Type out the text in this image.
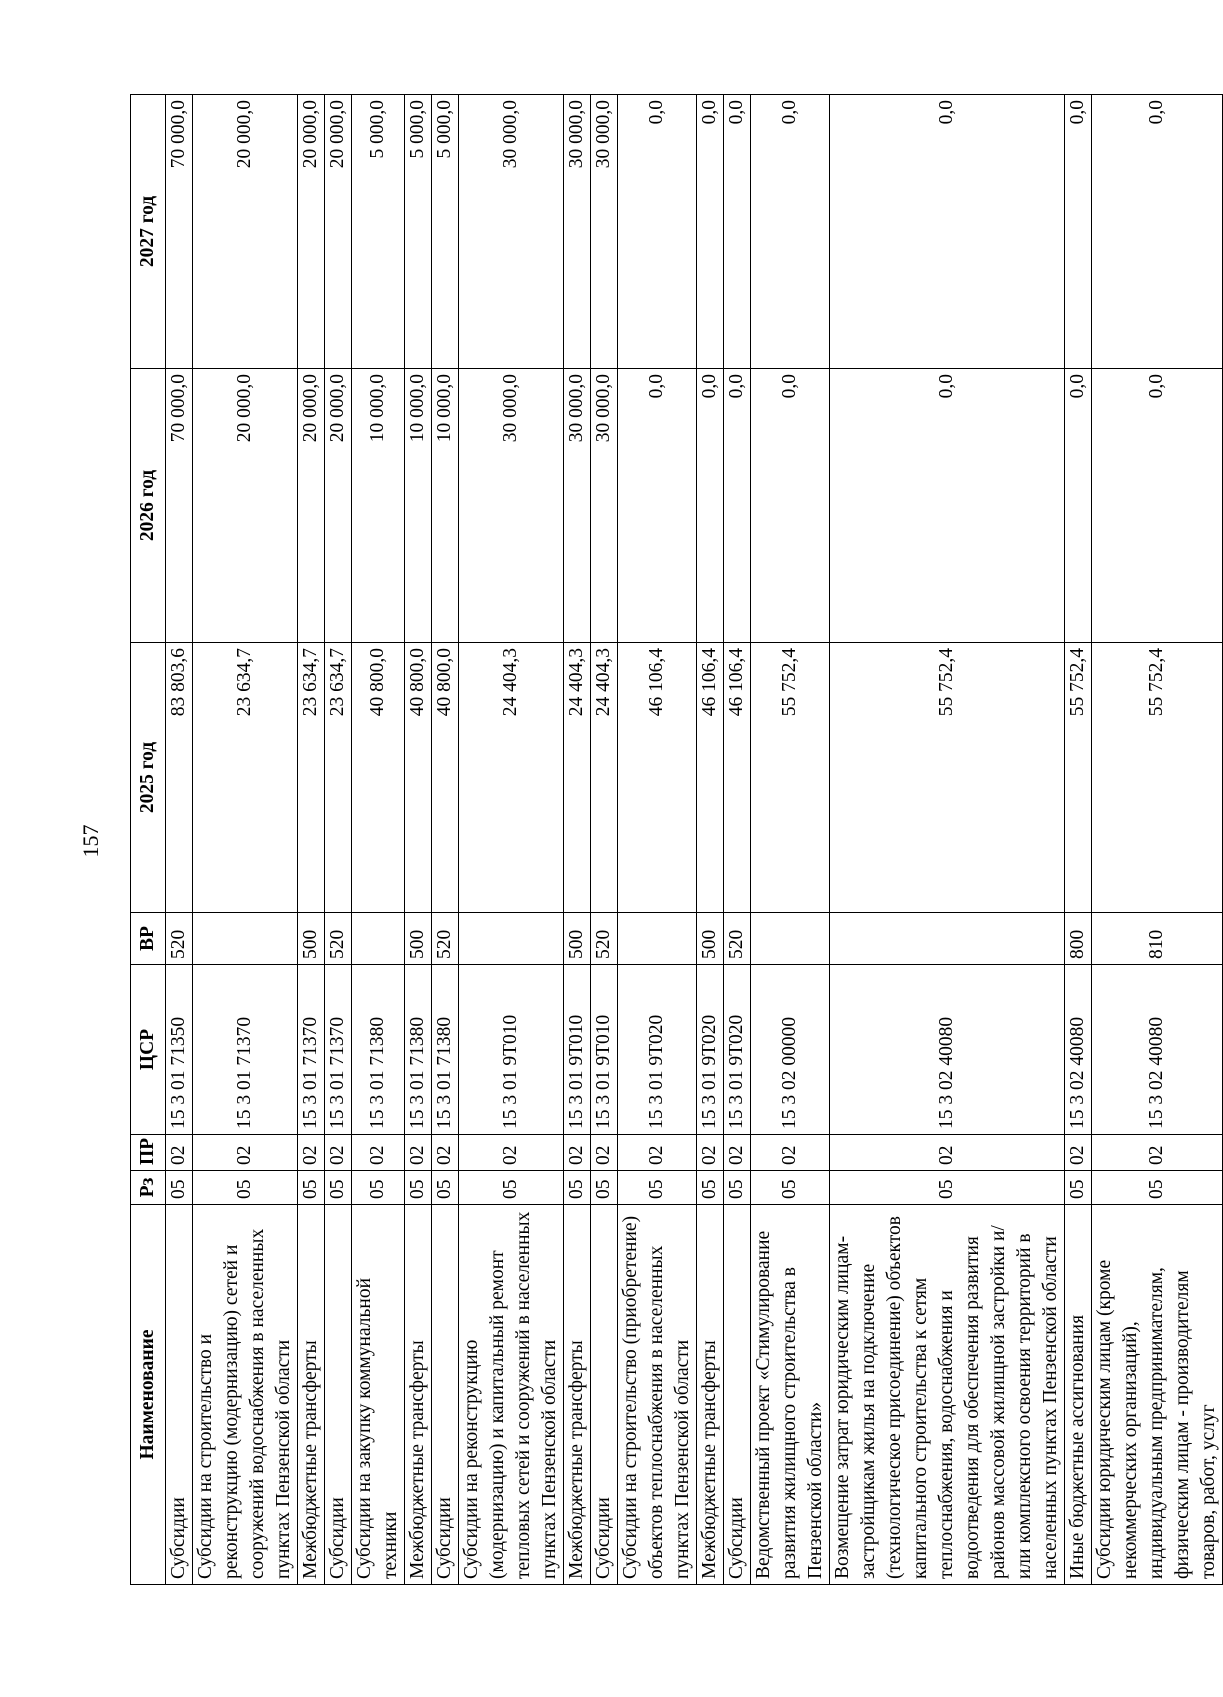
157
Наименование	Рз	ПР	ЦСР	ВР	2025 год	2026 год	2027 год
Субсидии	05	02	15 3 01 71350	520	83 803,6	70 000,0	70 000,0
Субсидии на строительство и реконструкцию (модернизацию) сетей и сооружений водоснабжения в населенных пунктах Пензенской области	05	02	15 3 01 71370		23 634,7	20 000,0	20 000,0
Межбюджетные трансферты	05	02	15 3 01 71370	500	23 634,7	20 000,0	20 000,0
Субсидии	05	02	15 3 01 71370	520	23 634,7	20 000,0	20 000,0
Субсидии на закупку коммунальной техники	05	02	15 3 01 71380		40 800,0	10 000,0	5 000,0
Межбюджетные трансферты	05	02	15 3 01 71380	500	40 800,0	10 000,0	5 000,0
Субсидии	05	02	15 3 01 71380	520	40 800,0	10 000,0	5 000,0
Субсидии на реконструкцию (модернизацию) и капитальный ремонт тепловых сетей и сооружений в населенных пунктах Пензенской области	05	02	15 3 01 9Т010		24 404,3	30 000,0	30 000,0
Межбюджетные трансферты	05	02	15 3 01 9Т010	500	24 404,3	30 000,0	30 000,0
Субсидии	05	02	15 3 01 9Т010	520	24 404,3	30 000,0	30 000,0
Субсидии на строительство (приобретение) объектов теплоснабжения в населенных пунктах Пензенской области	05	02	15 3 01 9Т020		46 106,4	0,0	0,0
Межбюджетные трансферты	05	02	15 3 01 9Т020	500	46 106,4	0,0	0,0
Субсидии	05	02	15 3 01 9Т020	520	46 106,4	0,0	0,0
Ведомственный проект «Стимулирование развития жилищного строительства в Пензенской области»	05	02	15 3 02 00000		55 752,4	0,0	0,0
Возмещение затрат юридическим лицам-застройщикам жилья на подключение (технологическое присоединение) объектов капитального строительства к сетям теплоснабжения, водоснабжения и водоотведения для обеспечения развития районов массовой жилищной застройки и/или комплексного освоения территорий в населенных пунктах Пензенской области	05	02	15 3 02 40080		55 752,4	0,0	0,0
Иные бюджетные ассигнования	05	02	15 3 02 40080	800	55 752,4	0,0	0,0
Субсидии юридическим лицам (кроме некоммерческих организаций), индивидуальным предпринимателям, физическим лицам - производителям товаров, работ, услуг	05	02	15 3 02 40080	810	55 752,4	0,0	0,0
